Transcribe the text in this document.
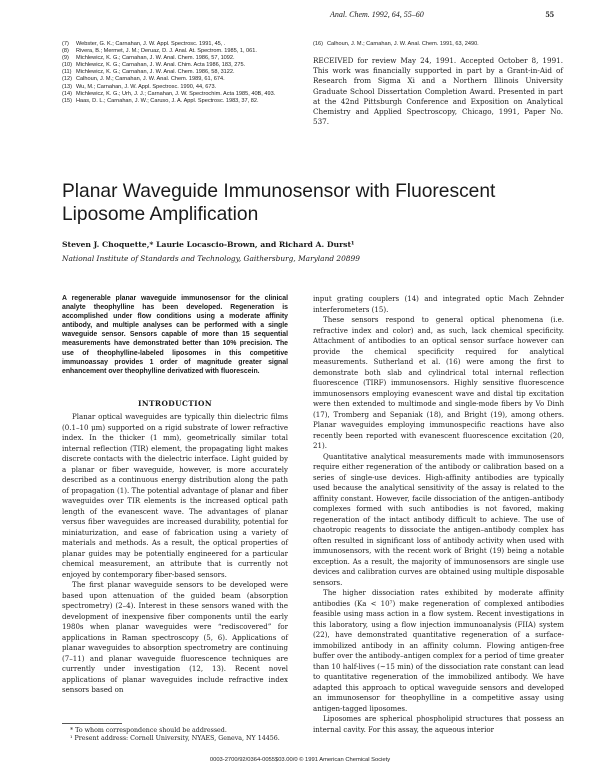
Anal. Chem. 1992, 64, 55–60	55
(7)	Webster, G. K.; Carnahan, J. W. Appl. Spectrosc. 1991, 45, .
(8)	Rivera, B.; Mermet, J. M.; Deruaz, D. J. Anal. At. Spectrom. 1985, 1, 061.
(9)	Michlewicz, K. G.; Carnahan, J. W. Anal. Chem. 1986, 57, 1092.
(10) Michlewicz, K. G.; Carnahan, J. W. Anal. Chim. Acta 1986, 183, 275.
(11) Michlewicz, K. G.; Carnahan, J. W. Anal. Chem. 1986, 58, 3122.
(12) Calhoun, J. M.; Carnahan, J. W. Anal. Chem. 1989, 61, 674.
(13) Wu, M.; Carnahan, J. W. Appl. Spectrosc. 1990, 44, 673.
(14) Michlewicz, K. G.; Urh, J. J.; Carnahan, J. W. Spectrochim. Acta 1985, 40B, 493.
(15) Haas, D. L.; Carnahan, J. W.; Caruso, J. A. Appl. Spectrosc. 1983, 37, 82.
(16) Calhoun, J. M.; Carnahan, J. W. Anal. Chem. 1991, 63, 2490.
RECEIVED for review May 24, 1991. Accepted October 8, 1991. This work was financially supported in part by a Grant-in-Aid of Research from Sigma Xi and a Northern Illinois University Graduate School Dissertation Completion Award. Presented in part at the 42nd Pittsburgh Conference and Exposition on Analytical Chemistry and Applied Spectroscopy, Chicago, 1991, Paper No. 537.
Planar Waveguide Immunosensor with Fluorescent Liposome Amplification
Steven J. Choquette,* Laurie Locascio-Brown, and Richard A. Durst¹
National Institute of Standards and Technology, Gaithersburg, Maryland 20899
A regenerable planar waveguide immunosensor for the clinical analyte theophylline has been developed. Regeneration is accomplished under flow conditions using a moderate affinity antibody, and multiple analyses can be performed with a single waveguide sensor. Sensors capable of more than 15 sequential measurements have demonstrated better than 10% precision. The use of theophylline-labeled liposomes in this competitive immunoassay provides 1 order of magnitude greater signal enhancement over theophylline derivatized with fluorescein.
INTRODUCTION

Planar optical waveguides are typically thin dielectric films (0.1–10 μm) supported on a rigid substrate of lower refractive index. In the thicker (1 mm), geometrically similar total internal reflection (TIR) element, the propagating light makes discrete contacts with the dielectric interface. Light guided by a planar or fiber waveguide, however, is more accurately described as a continuous energy distribution along the path of propagation (1). The potential advantage of planar and fiber waveguides over TIR elements is the increased optical path length of the evanescent wave. The advantages of planar versus fiber waveguides are increased durability, potential for miniaturization, and ease of fabrication using a variety of materials and methods. As a result, the optical properties of planar guides may be potentially engineered for a particular chemical measurement, an attribute that is currently not enjoyed by contemporary fiber-based sensors.

The first planar waveguide sensors to be developed were based upon attenuation of the guided beam (absorption spectrometry) (2–4). Interest in these sensors waned with the development of inexpensive fiber components until the early 1980s when planar waveguides were “rediscovered” for applications in Raman spectroscopy (5, 6). Applications of planar waveguides to absorption spectrometry are continuing (7–11) and planar waveguide fluorescence techniques are currently under investigation (12, 13). Recent novel applications of planar waveguides include refractive index sensors based on

input grating couplers (14) and integrated optic Mach Zehnder interferometers (15).

These sensors respond to general optical phenomena (i.e. refractive index and color) and, as such, lack chemical specificity. Attachment of antibodies to an optical sensor surface however can provide the chemical specificity required for analytical measurements. Sutherland et al. (16) were among the first to demonstrate both slab and cylindrical total internal reflection fluorescence (TIRF) immunosensors. Highly sensitive fluorescence immunosensors employing evanescent wave and distal tip excitation were then extended to multimode and single-mode fibers by Vo Dinh (17), Tromberg and Sepaniak (18), and Bright (19), among others. Planar waveguides employing immunospecific reactions have also recently been reported with evanescent fluorescence excitation (20, 21).

Quantitative analytical measurements made with immunosensors require either regeneration of the antibody or calibration based on a series of single-use devices. High-affinity antibodies are typically used because the analytical sensitivity of the assay is related to the affinity constant. However, facile dissociation of the antigen–antibody complexes formed with such antibodies is not favored, making regeneration of the intact antibody difficult to achieve. The use of chaotropic reagents to dissociate the antigen–antibody complex has often resulted in significant loss of antibody activity when used with immunosensors, with the recent work of Bright (19) being a notable exception. As a result, the majority of immunosensors are single use devices and calibration curves are obtained using multiple disposable sensors.

The higher dissociation rates exhibited by moderate affinity antibodies (Ka < 10⁷) make regeneration of complexed antibodies feasible using mass action in a flow system. Recent investigations in this laboratory, using a flow injection immunoanalysis (FIIA) system (22), have demonstrated quantitative regeneration of a surface-immobilized antibody in an affinity column. Flowing antigen-free buffer over the antibody–antigen complex for a period of time greater than 10 half-lives (~15 min) of the dissociation rate constant can lead to quantitative regeneration of the immobilized antibody. We have adapted this approach to optical waveguide sensors and developed an immunosensor for theophylline in a competitive assay using antigen-tagged liposomes.

Liposomes are spherical phospholipid structures that possess an internal cavity. For this assay, the aqueous interior

* To whom correspondence should be addressed.
¹ Present address: Cornell University, NYAES, Geneva, NY 14456.
0003-2700/92/0364-0055$03.00/0 © 1991 American Chemical Society
